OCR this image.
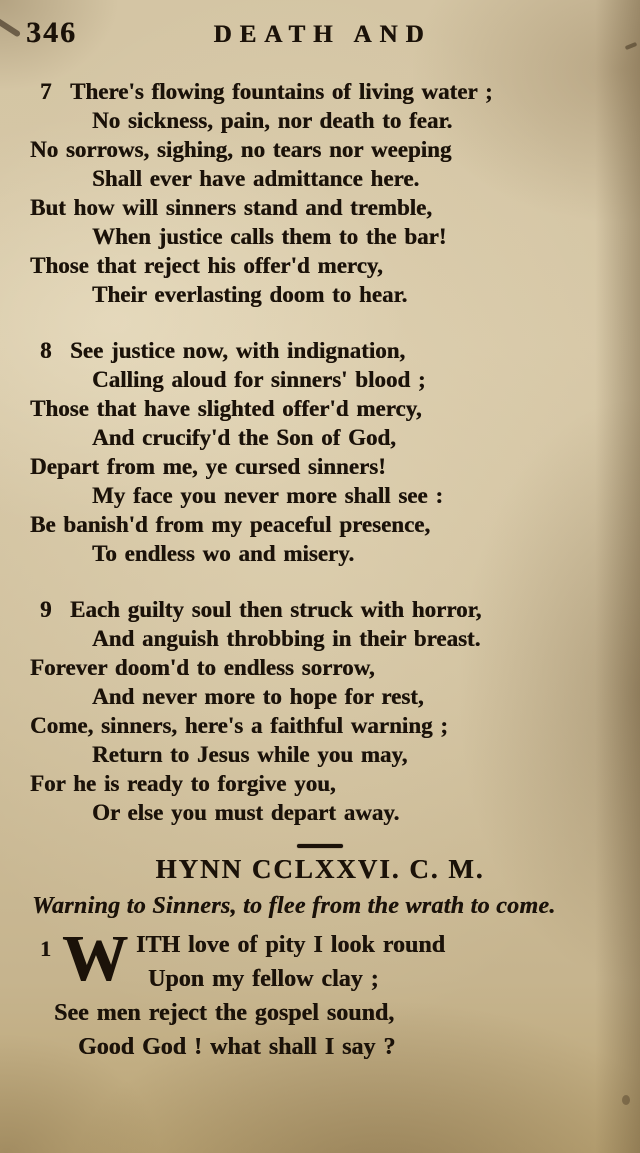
346	DEATH AND
7 There's flowing fountains of living water ;
No sickness, pain, nor death to fear.
No sorrows, sighing, no tears nor weeping
Shall ever have admittance here.
But how will sinners stand and tremble,
When justice calls them to the bar!
Those that reject his offer'd mercy,
Their everlasting doom to hear.
8 See justice now, with indignation,
Calling aloud for sinners' blood ;
Those that have slighted offer'd mercy,
And crucify'd the Son of God,
Depart from me, ye cursed sinners!
My face you never more shall see :
Be banish'd from my peaceful presence,
To endless wo and misery.
9 Each guilty soul then struck with horror,
And anguish throbbing in their breast.
Forever doom'd to endless sorrow,
And never more to hope for rest,
Come, sinners, here's a faithful warning ;
Return to Jesus while you may,
For he is ready to forgive you,
Or else you must depart away.
HYNN CCLXXVI. C. M.
Warning to Sinners, to flee from the wrath to come.
1 W ITH love of pity I look round
Upon my fellow clay ;
See men reject the gospel sound,
Good God ! what shall I say ?
